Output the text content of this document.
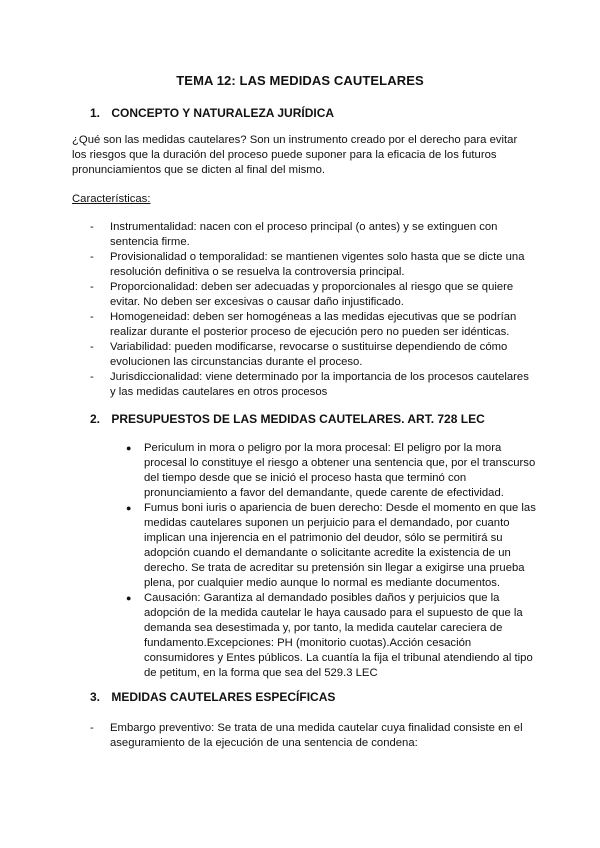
TEMA 12: LAS MEDIDAS CAUTELARES
1. CONCEPTO Y NATURALEZA JURÍDICA
¿Qué son las medidas cautelares? Son un instrumento creado por el derecho para evitar los riesgos que la duración del proceso puede suponer para la eficacia de los futuros pronunciamientos que se dicten al final del mismo.
Características:
- Instrumentalidad: nacen con el proceso principal (o antes) y se extinguen con sentencia firme.
- Provisionalidad o temporalidad: se mantienen vigentes solo hasta que se dicte una resolución definitiva o se resuelva la controversia principal.
- Proporcionalidad: deben ser adecuadas y proporcionales al riesgo que se quiere evitar. No deben ser excesivas o causar daño injustificado.
- Homogeneidad: deben ser homogéneas a las medidas ejecutivas que se podrían realizar durante el posterior proceso de ejecución pero no pueden ser idénticas.
- Variabilidad: pueden modificarse, revocarse o sustituirse dependiendo de cómo evolucionen las circunstancias durante el proceso.
- Jurisdiccionalidad: viene determinado por la importancia de los procesos cautelares y las medidas cautelares en otros procesos
2. PRESUPUESTOS DE LAS MEDIDAS CAUTELARES. ART. 728 LEC
● Periculum in mora o peligro por la mora procesal: El peligro por la mora procesal lo constituye el riesgo a obtener una sentencia que, por el transcurso del tiempo desde que se inició el proceso hasta que terminó con pronunciamiento a favor del demandante, quede carente de efectividad.
● Fumus boni iuris o apariencia de buen derecho: Desde el momento en que las medidas cautelares suponen un perjuicio para el demandado, por cuanto implican una injerencia en el patrimonio del deudor, sólo se permitirá su adopción cuando el demandante o solicitante acredite la existencia de un derecho. Se trata de acreditar su pretensión sin llegar a exigirse una prueba plena, por cualquier medio aunque lo normal es mediante documentos.
● Causación: Garantiza al demandado posibles daños y perjuicios que la adopción de la medida cautelar le haya causado para el supuesto de que la demanda sea desestimada y, por tanto, la medida cautelar careciera de fundamento.Excepciones: PH (monitorio cuotas).Acción cesación consumidores y Entes públicos. La cuantía la fija el tribunal atendiendo al tipo de petitum, en la forma que sea del 529.3 LEC
3. MEDIDAS CAUTELARES ESPECÍFICAS
- Embargo preventivo: Se trata de una medida cautelar cuya finalidad consiste en el aseguramiento de la ejecución de una sentencia de condena:
